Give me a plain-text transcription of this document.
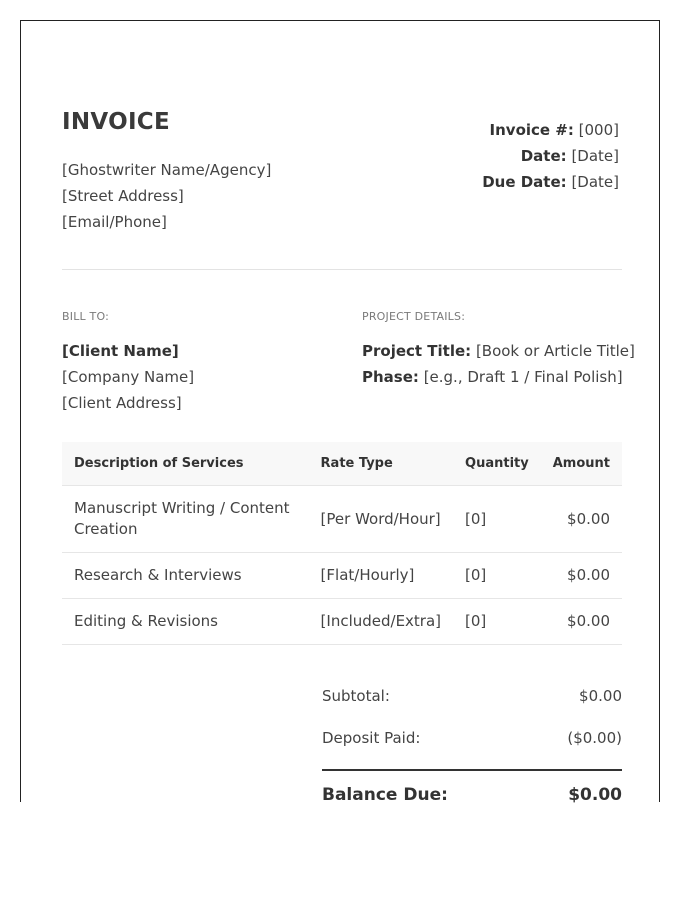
INVOICE
[Ghostwriter Name/Agency]
[Street Address]
[Email/Phone]
Invoice #: [000]
Date: [Date]
Due Date: [Date]
BILL TO:
[Client Name]
[Company Name]
[Client Address]
PROJECT DETAILS:
Project Title: [Book or Article Title]
Phase: [e.g., Draft 1 / Final Polish]
Description of Services	Rate Type	Quantity	Amount
Manuscript Writing / Content Creation	[Per Word/Hour]	[0]	$0.00
Research & Interviews	[Flat/Hourly]	[0]	$0.00
Editing & Revisions	[Included/Extra]	[0]	$0.00
Subtotal:	$0.00
Deposit Paid:	($0.00)
Balance Due:	$0.00
